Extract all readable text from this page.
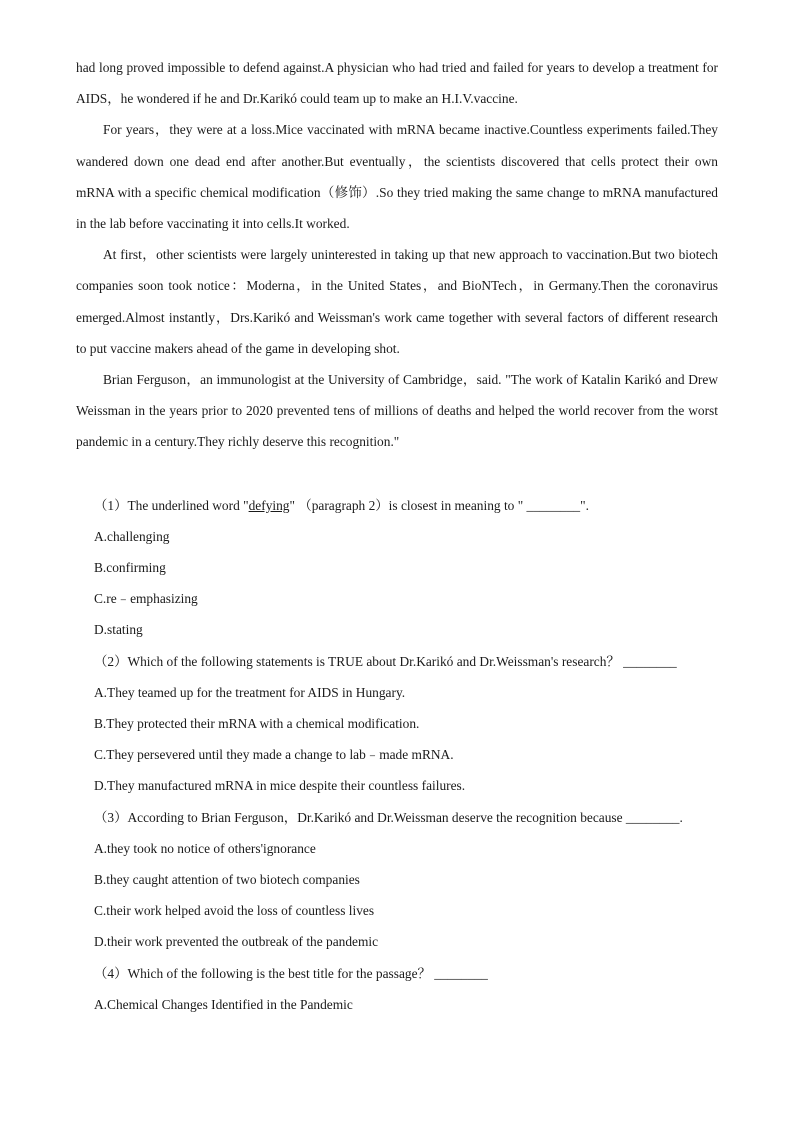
had long proved impossible to defend against.A physician who had tried and failed for years to develop a treatment for AIDS，he wondered if he and Dr.Karikó could team up to make an H.I.V.vaccine.

For years，they were at a loss.Mice vaccinated with mRNA became inactive.Countless experiments failed.They wandered down one dead end after another.But eventually，the scientists discovered that cells protect their own mRNA with a specific chemical modification（修饰）.So they tried making the same change to mRNA manufactured in the lab before vaccinating it into cells.It worked.

At first，other scientists were largely uninterested in taking up that new approach to vaccination.But two biotech companies soon took notice：Moderna，in the United States，and BioNTech，in Germany.Then the coronavirus emerged.Almost instantly，Drs.Karikó and Weissman's work came together with several factors of different research to put vaccine makers ahead of the game in developing shot.

Brian Ferguson，an immunologist at the University of Cambridge，said. "The work of Katalin Karikó and Drew Weissman in the years prior to 2020 prevented tens of millions of deaths and helped the world recover from the worst pandemic in a century.They richly deserve this recognition."

（1）The underlined word "defying" （paragraph 2）is closest in meaning to " ________".

A.challenging

B.confirming

C.re﹣emphasizing

D.stating

（2）Which of the following statements is TRUE about Dr.Karikó and Dr.Weissman's research？ ________

A.They teamed up for the treatment for AIDS in Hungary.

B.They protected their mRNA with a chemical modification.

C.They persevered until they made a change to lab﹣made mRNA.

D.They manufactured mRNA in mice despite their countless failures.

（3）According to Brian Ferguson，Dr.Karikó and Dr.Weissman deserve the recognition because ________.

A.they took no notice of others'ignorance

B.they caught attention of two biotech companies

C.their work helped avoid the loss of countless lives

D.their work prevented the outbreak of the pandemic

（4）Which of the following is the best title for the passage？ ________

A.Chemical Changes Identified in the Pandemic
